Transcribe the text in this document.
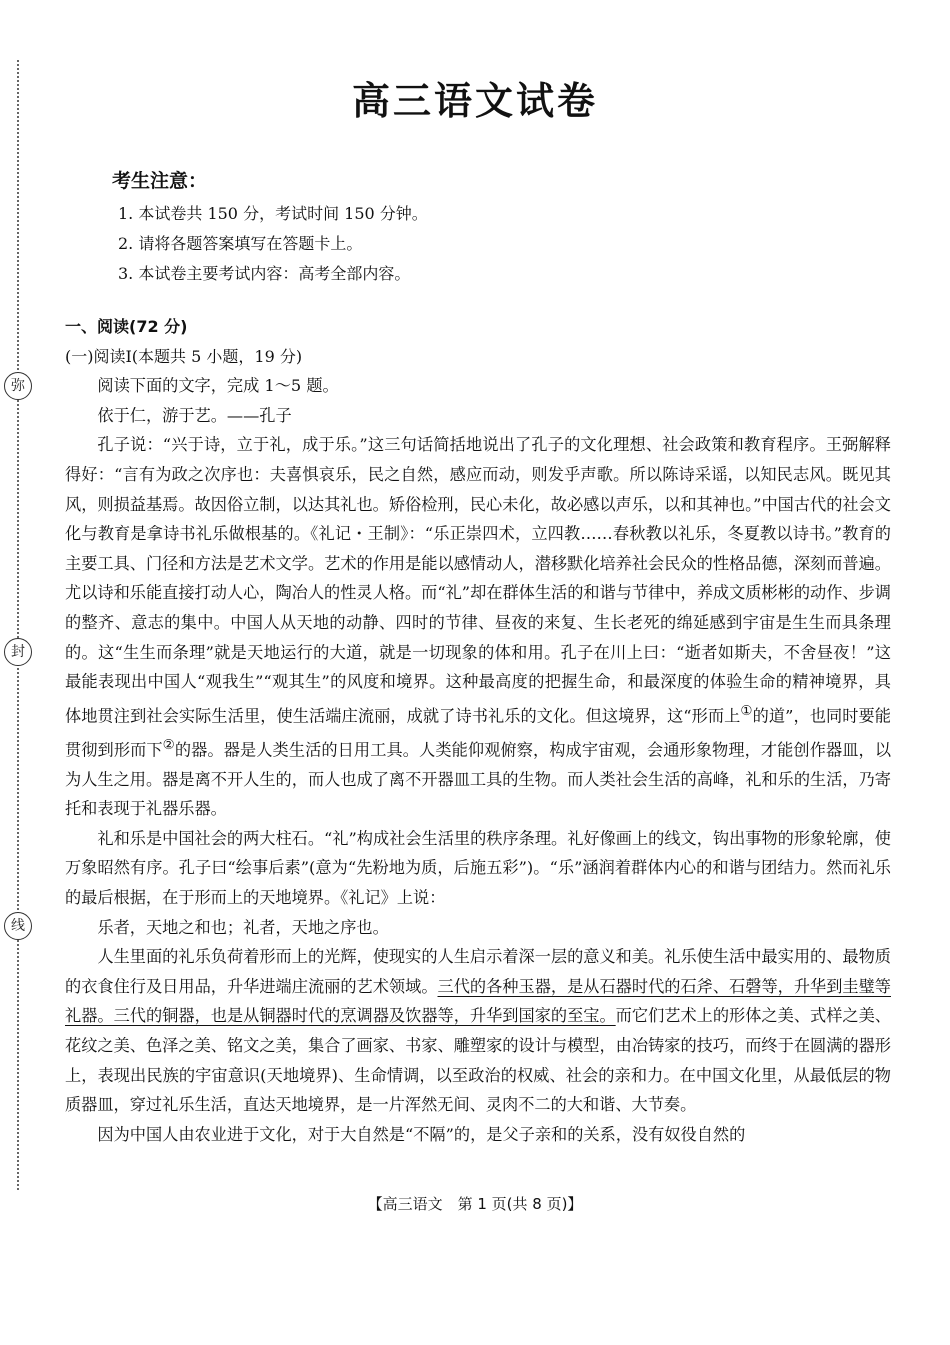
弥
封
线
高三语文试卷
考生注意：
1. 本试卷共 150 分，考试时间 150 分钟。
2. 请将各题答案填写在答题卡上。
3. 本试卷主要考试内容：高考全部内容。
一、阅读(72 分)
(一)阅读Ⅰ(本题共 5 小题，19 分)

阅读下面的文字，完成 1～5 题。

依于仁，游于艺。——孔子

孔子说：“兴于诗，立于礼，成于乐。”这三句话简括地说出了孔子的文化理想、社会政策和教育程序。王弼解释得好：“言有为政之次序也：夫喜惧哀乐，民之自然，感应而动，则发乎声歌。所以陈诗采谣，以知民志风。既见其风，则损益基焉。故因俗立制，以达其礼也。矫俗检刑，民心未化，故必感以声乐，以和其神也。”中国古代的社会文化与教育是拿诗书礼乐做根基的。《礼记・王制》：“乐正崇四术，立四教……春秋教以礼乐，冬夏教以诗书。”教育的主要工具、门径和方法是艺术文学。艺术的作用是能以感情动人，潜移默化培养社会民众的性格品德，深刻而普遍。尤以诗和乐能直接打动人心，陶冶人的性灵人格。而“礼”却在群体生活的和谐与节律中，养成文质彬彬的动作、步调的整齐、意志的集中。中国人从天地的动静、四时的节律、昼夜的来复、生长老死的绵延感到宇宙是生生而具条理的。这“生生而条理”就是天地运行的大道，就是一切现象的体和用。孔子在川上曰：“逝者如斯夫，不舍昼夜！”这最能表现出中国人“观我生”“观其生”的风度和境界。这种最高度的把握生命，和最深度的体验生命的精神境界，具体地贯注到社会实际生活里，使生活端庄流丽，成就了诗书礼乐的文化。但这境界，这“形而上①的道”，也同时要能贯彻到形而下②的器。器是人类生活的日用工具。人类能仰观俯察，构成宇宙观，会通形象物理，才能创作器皿，以为人生之用。器是离不开人生的，而人也成了离不开器皿工具的生物。而人类社会生活的高峰，礼和乐的生活，乃寄托和表现于礼器乐器。

礼和乐是中国社会的两大柱石。“礼”构成社会生活里的秩序条理。礼好像画上的线文，钩出事物的形象轮廓，使万象昭然有序。孔子曰“绘事后素”(意为“先粉地为质，后施五彩”)。“乐”涵润着群体内心的和谐与团结力。然而礼乐的最后根据，在于形而上的天地境界。《礼记》上说：

乐者，天地之和也；礼者，天地之序也。

人生里面的礼乐负荷着形而上的光辉，使现实的人生启示着深一层的意义和美。礼乐使生活中最实用的、最物质的衣食住行及日用品，升华进端庄流丽的艺术领域。三代的各种玉器，是从石器时代的石斧、石磬等，升华到圭璧等礼器。三代的铜器，也是从铜器时代的烹调器及饮器等，升华到国家的至宝。而它们艺术上的形体之美、式样之美、花纹之美、色泽之美、铭文之美，集合了画家、书家、雕塑家的设计与模型，由冶铸家的技巧，而终于在圆满的器形上，表现出民族的宇宙意识(天地境界)、生命情调，以至政治的权威、社会的亲和力。在中国文化里，从最低层的物质器皿，穿过礼乐生活，直达天地境界，是一片浑然无间、灵肉不二的大和谐、大节奏。

因为中国人由农业进于文化，对于大自然是“不隔”的，是父子亲和的关系，没有奴役自然的

【高三语文　第 1 页(共 8 页)】
